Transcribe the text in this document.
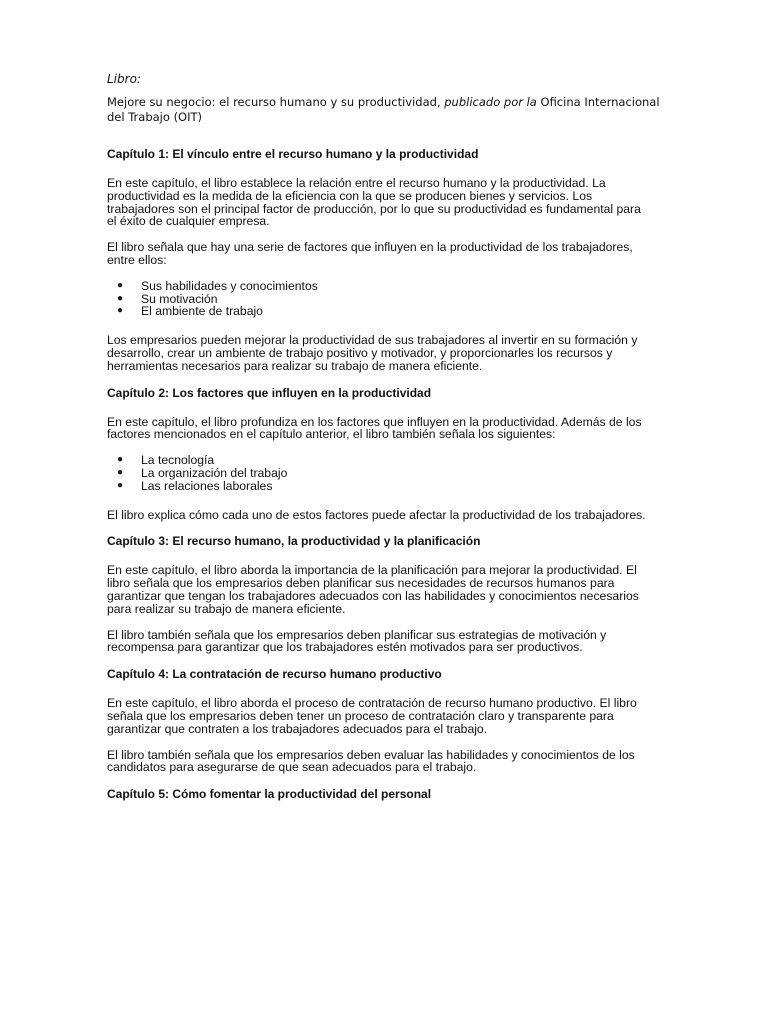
Libro:
Mejore su negocio: el recurso humano y su productividad, publicado por la Oficina Internacional del Trabajo (OIT)
Capítulo 1: El vínculo entre el recurso humano y la productividad
En este capítulo, el libro establece la relación entre el recurso humano y la productividad. La productividad es la medida de la eficiencia con la que se producen bienes y servicios. Los trabajadores son el principal factor de producción, por lo que su productividad es fundamental para el éxito de cualquier empresa.
El libro señala que hay una serie de factores que influyen en la productividad de los trabajadores, entre ellos:
● Sus habilidades y conocimientos
● Su motivación
● El ambiente de trabajo
Los empresarios pueden mejorar la productividad de sus trabajadores al invertir en su formación y desarrollo, crear un ambiente de trabajo positivo y motivador, y proporcionarles los recursos y herramientas necesarios para realizar su trabajo de manera eficiente.
Capítulo 2: Los factores que influyen en la productividad
En este capítulo, el libro profundiza en los factores que influyen en la productividad. Además de los factores mencionados en el capítulo anterior, el libro también señala los siguientes:
● La tecnología
● La organización del trabajo
● Las relaciones laborales
El libro explica cómo cada uno de estos factores puede afectar la productividad de los trabajadores.
Capítulo 3: El recurso humano, la productividad y la planificación
En este capítulo, el libro aborda la importancia de la planificación para mejorar la productividad. El libro señala que los empresarios deben planificar sus necesidades de recursos humanos para garantizar que tengan los trabajadores adecuados con las habilidades y conocimientos necesarios para realizar su trabajo de manera eficiente.
El libro también señala que los empresarios deben planificar sus estrategias de motivación y recompensa para garantizar que los trabajadores estén motivados para ser productivos.
Capítulo 4: La contratación de recurso humano productivo
En este capítulo, el libro aborda el proceso de contratación de recurso humano productivo. El libro señala que los empresarios deben tener un proceso de contratación claro y transparente para garantizar que contraten a los trabajadores adecuados para el trabajo.
El libro también señala que los empresarios deben evaluar las habilidades y conocimientos de los candidatos para asegurarse de que sean adecuados para el trabajo.
Capítulo 5: Cómo fomentar la productividad del personal
